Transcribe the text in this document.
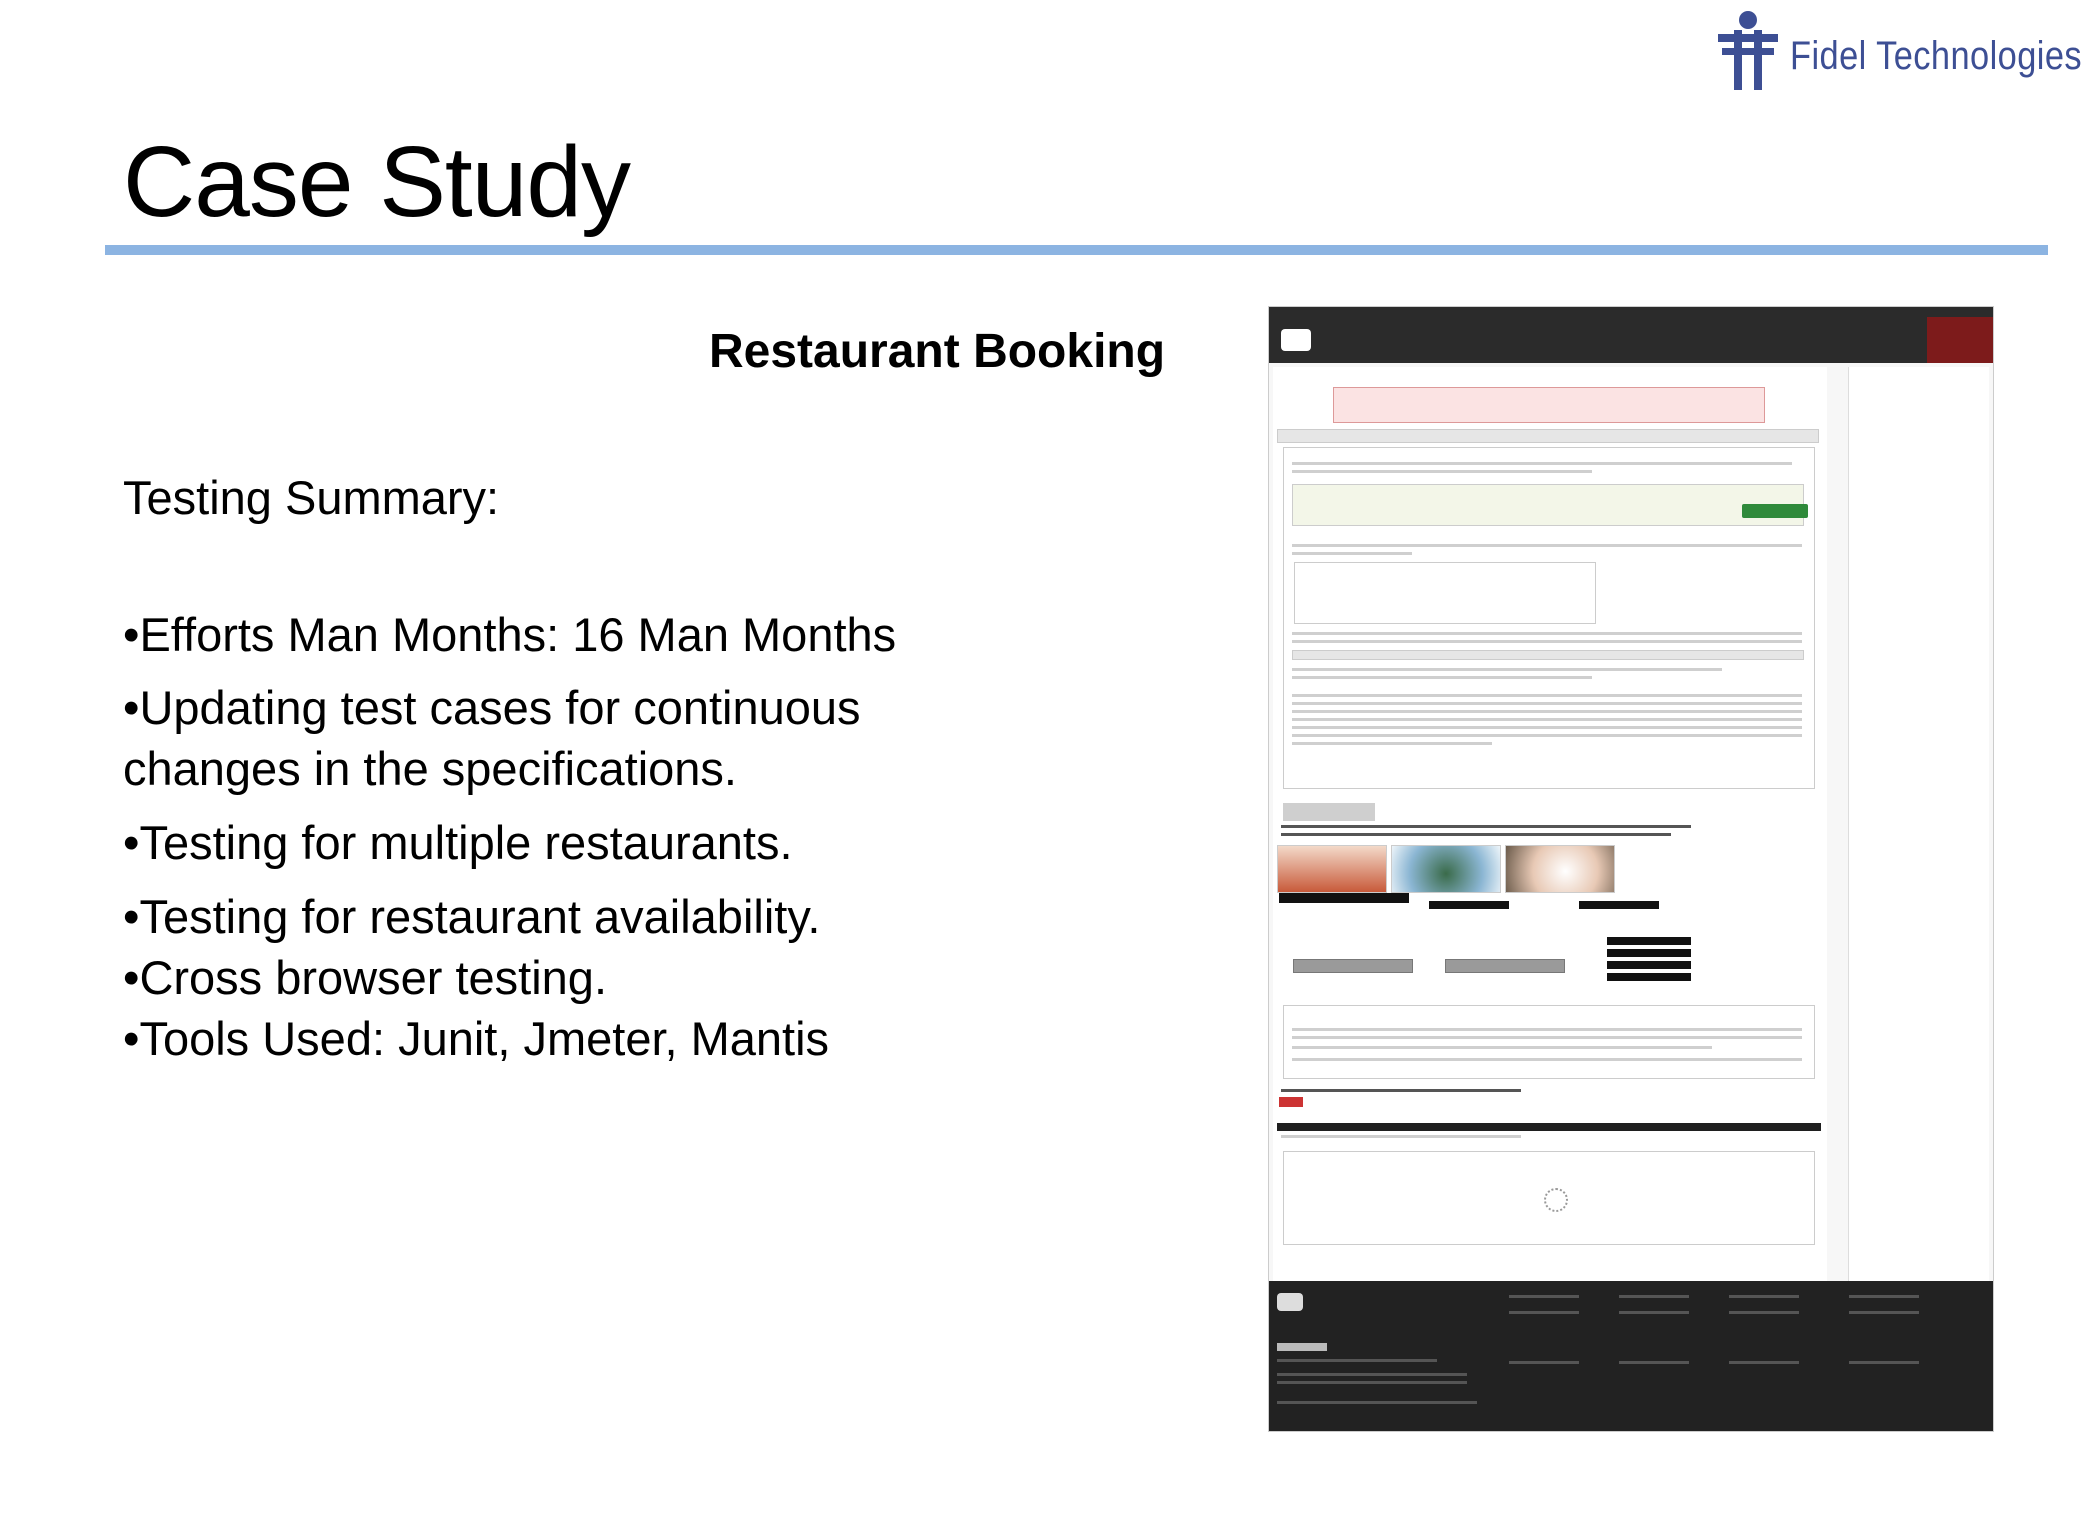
Fidel Technologies
Case Study
Restaurant Booking
Testing Summary:
•Efforts Man Months: 16 Man Months
•Updating test cases for continuous
changes in the specifications.
•Testing for multiple restaurants.
•Testing for restaurant availability.
•Cross browser testing.
•Tools Used: Junit, Jmeter, Mantis
